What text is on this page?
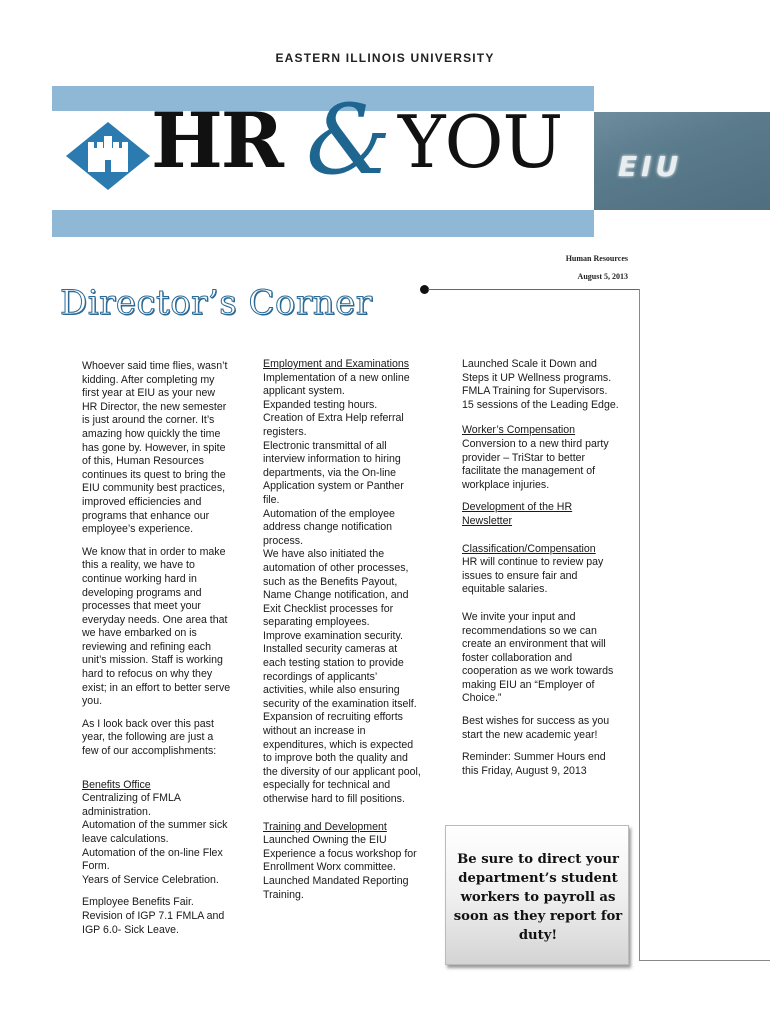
EASTERN ILLINOIS UNIVERSITY
HR & YOU EIU
Human Resources
August 5, 2013
Director’s Corner

Whoever said time flies, wasn’t kidding. After completing my first year at EIU as your new HR Director, the new semester is just around the corner. It’s amazing how quickly the time has gone by. However, in spite of this, Human Resources continues its quest to bring the EIU community best practices, improved efficiencies and programs that enhance our employee’s experience.

We know that in order to make this a reality, we have to continue working hard in developing programs and processes that meet your everyday needs. One area that we have embarked on is reviewing and refining each unit’s mission. Staff is working hard to refocus on why they exist; in an effort to better serve you.

As I look back over this past year, the following are just a few of our accomplishments:

Benefits Office
Centralizing of FMLA administration.
Automation of the summer sick leave calculations.
Automation of the on-line Flex Form.

Years of Service Celebration.

Employee Benefits Fair. Revision of IGP 7.1 FMLA and IGP 6.0- Sick Leave.

Employment and Examinations
Implementation of a new online applicant system.
Expanded testing hours.
Creation of Extra Help referral registers.
Electronic transmittal of all interview information to hiring departments, via the On-line Application system or Panther file.
Automation of the employee address change notification process.
We have also initiated the automation of other processes, such as the Benefits Payout, Name Change notification, and Exit Checklist processes for separating employees.
Improve examination security. Installed security cameras at each testing station to provide recordings of applicants’ activities, while also ensuring security of the examination itself.

Expansion of recruiting efforts without an increase in expenditures, which is expected to improve both the quality and the diversity of our applicant pool, especially for technical and otherwise hard to fill positions.

Training and Development
Launched Owning the EIU Experience a focus workshop for Enrollment Worx committee.
Launched Mandated Reporting Training.

Launched Scale it Down and Steps it UP Wellness programs. FMLA Training for Supervisors. 15 sessions of the Leading Edge.

Worker’s Compensation

Conversion to a new third party provider – TriStar to better facilitate the management of workplace injuries.

Development of the HR Newsletter

Classification/Compensation

HR will continue to review pay issues to ensure fair and equitable salaries.

We invite your input and recommendations so we can create an environment that will foster collaboration and cooperation as we work towards making EIU an “Employer of Choice.”

Best wishes for success as you start the new academic year!

Reminder: Summer Hours end this Friday, August 9, 2013

Be sure to direct your department’s student workers to payroll as soon as they report for duty!
